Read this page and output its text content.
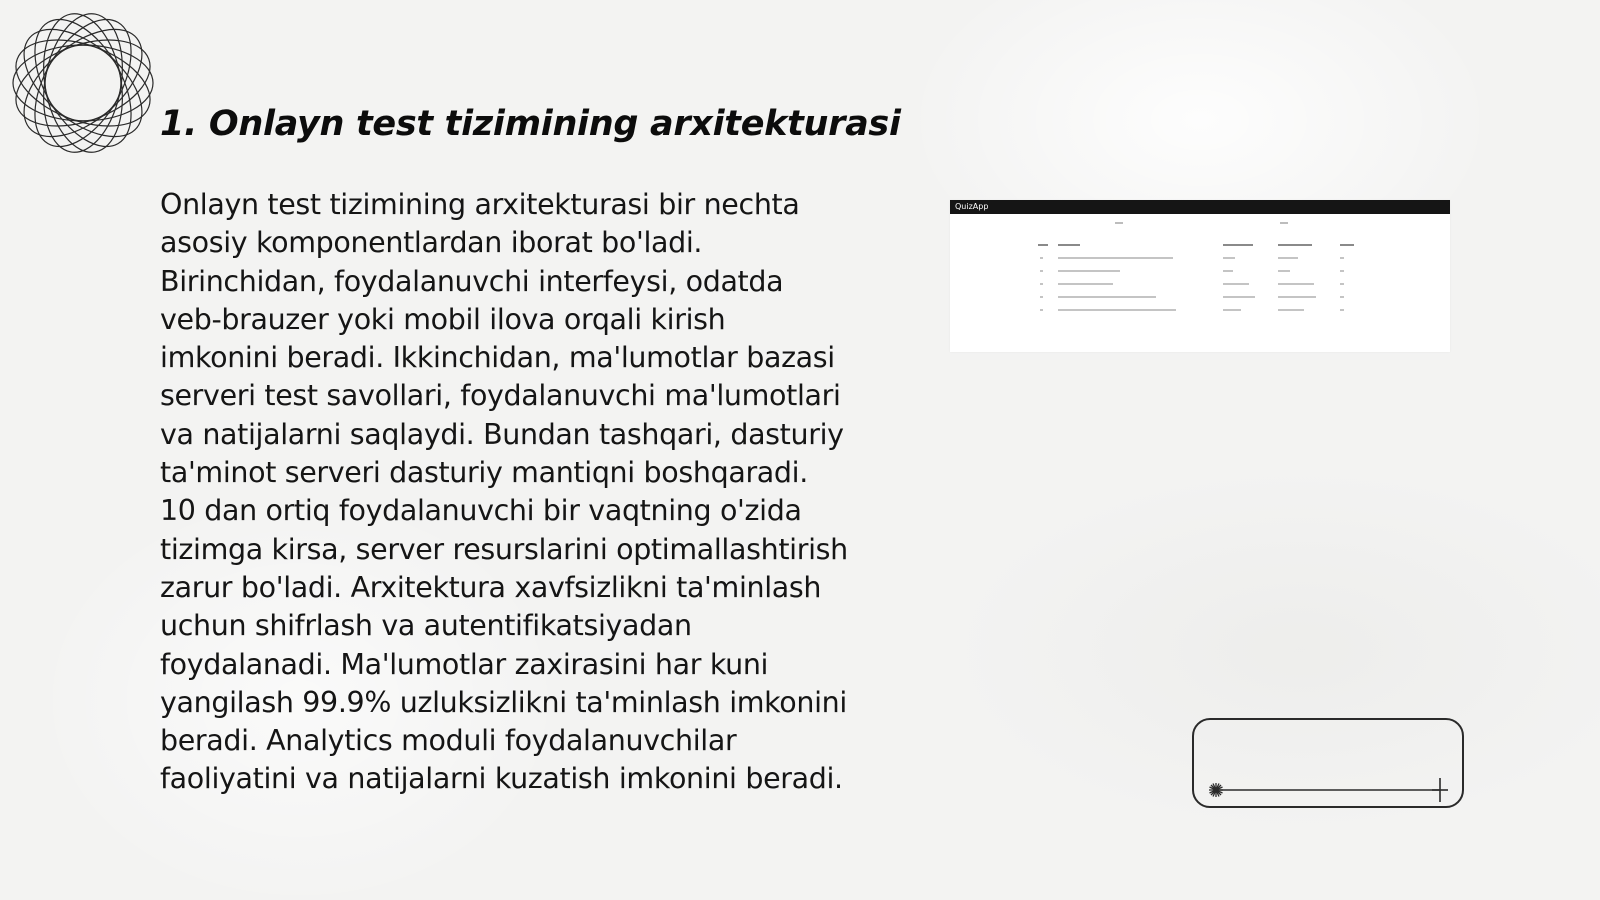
1. Onlayn test tizimining arxitekturasi

Onlayn test tizimining arxitekturasi bir nechta asosiy komponentlardan iborat bo'ladi. Birinchidan, foydalanuvchi interfeysi, odatda veb-brauzer yoki mobil ilova orqali kirish imkonini beradi. Ikkinchidan, ma'lumotlar bazasi serveri test savollari, foydalanuvchi ma'lumotlari va natijalarni saqlaydi. Bundan tashqari, dasturiy ta'minot serveri dasturiy mantiqni boshqaradi. 10 dan ortiq foydalanuvchi bir vaqtning o'zida tizimga kirsa, server resurslarini optimallashtirish zarur bo'ladi. Arxitektura xavfsizlikni ta'minlash uchun shifrlash va autentifikatsiyadan foydalanadi. Ma'lumotlar zaxirasini har kuni yangilash 99.9% uzluksizlikni ta'minlash imkonini beradi. Analytics moduli foydalanuvchilar faoliyatini va natijalarni kuzatish imkonini beradi.

QuizApp
